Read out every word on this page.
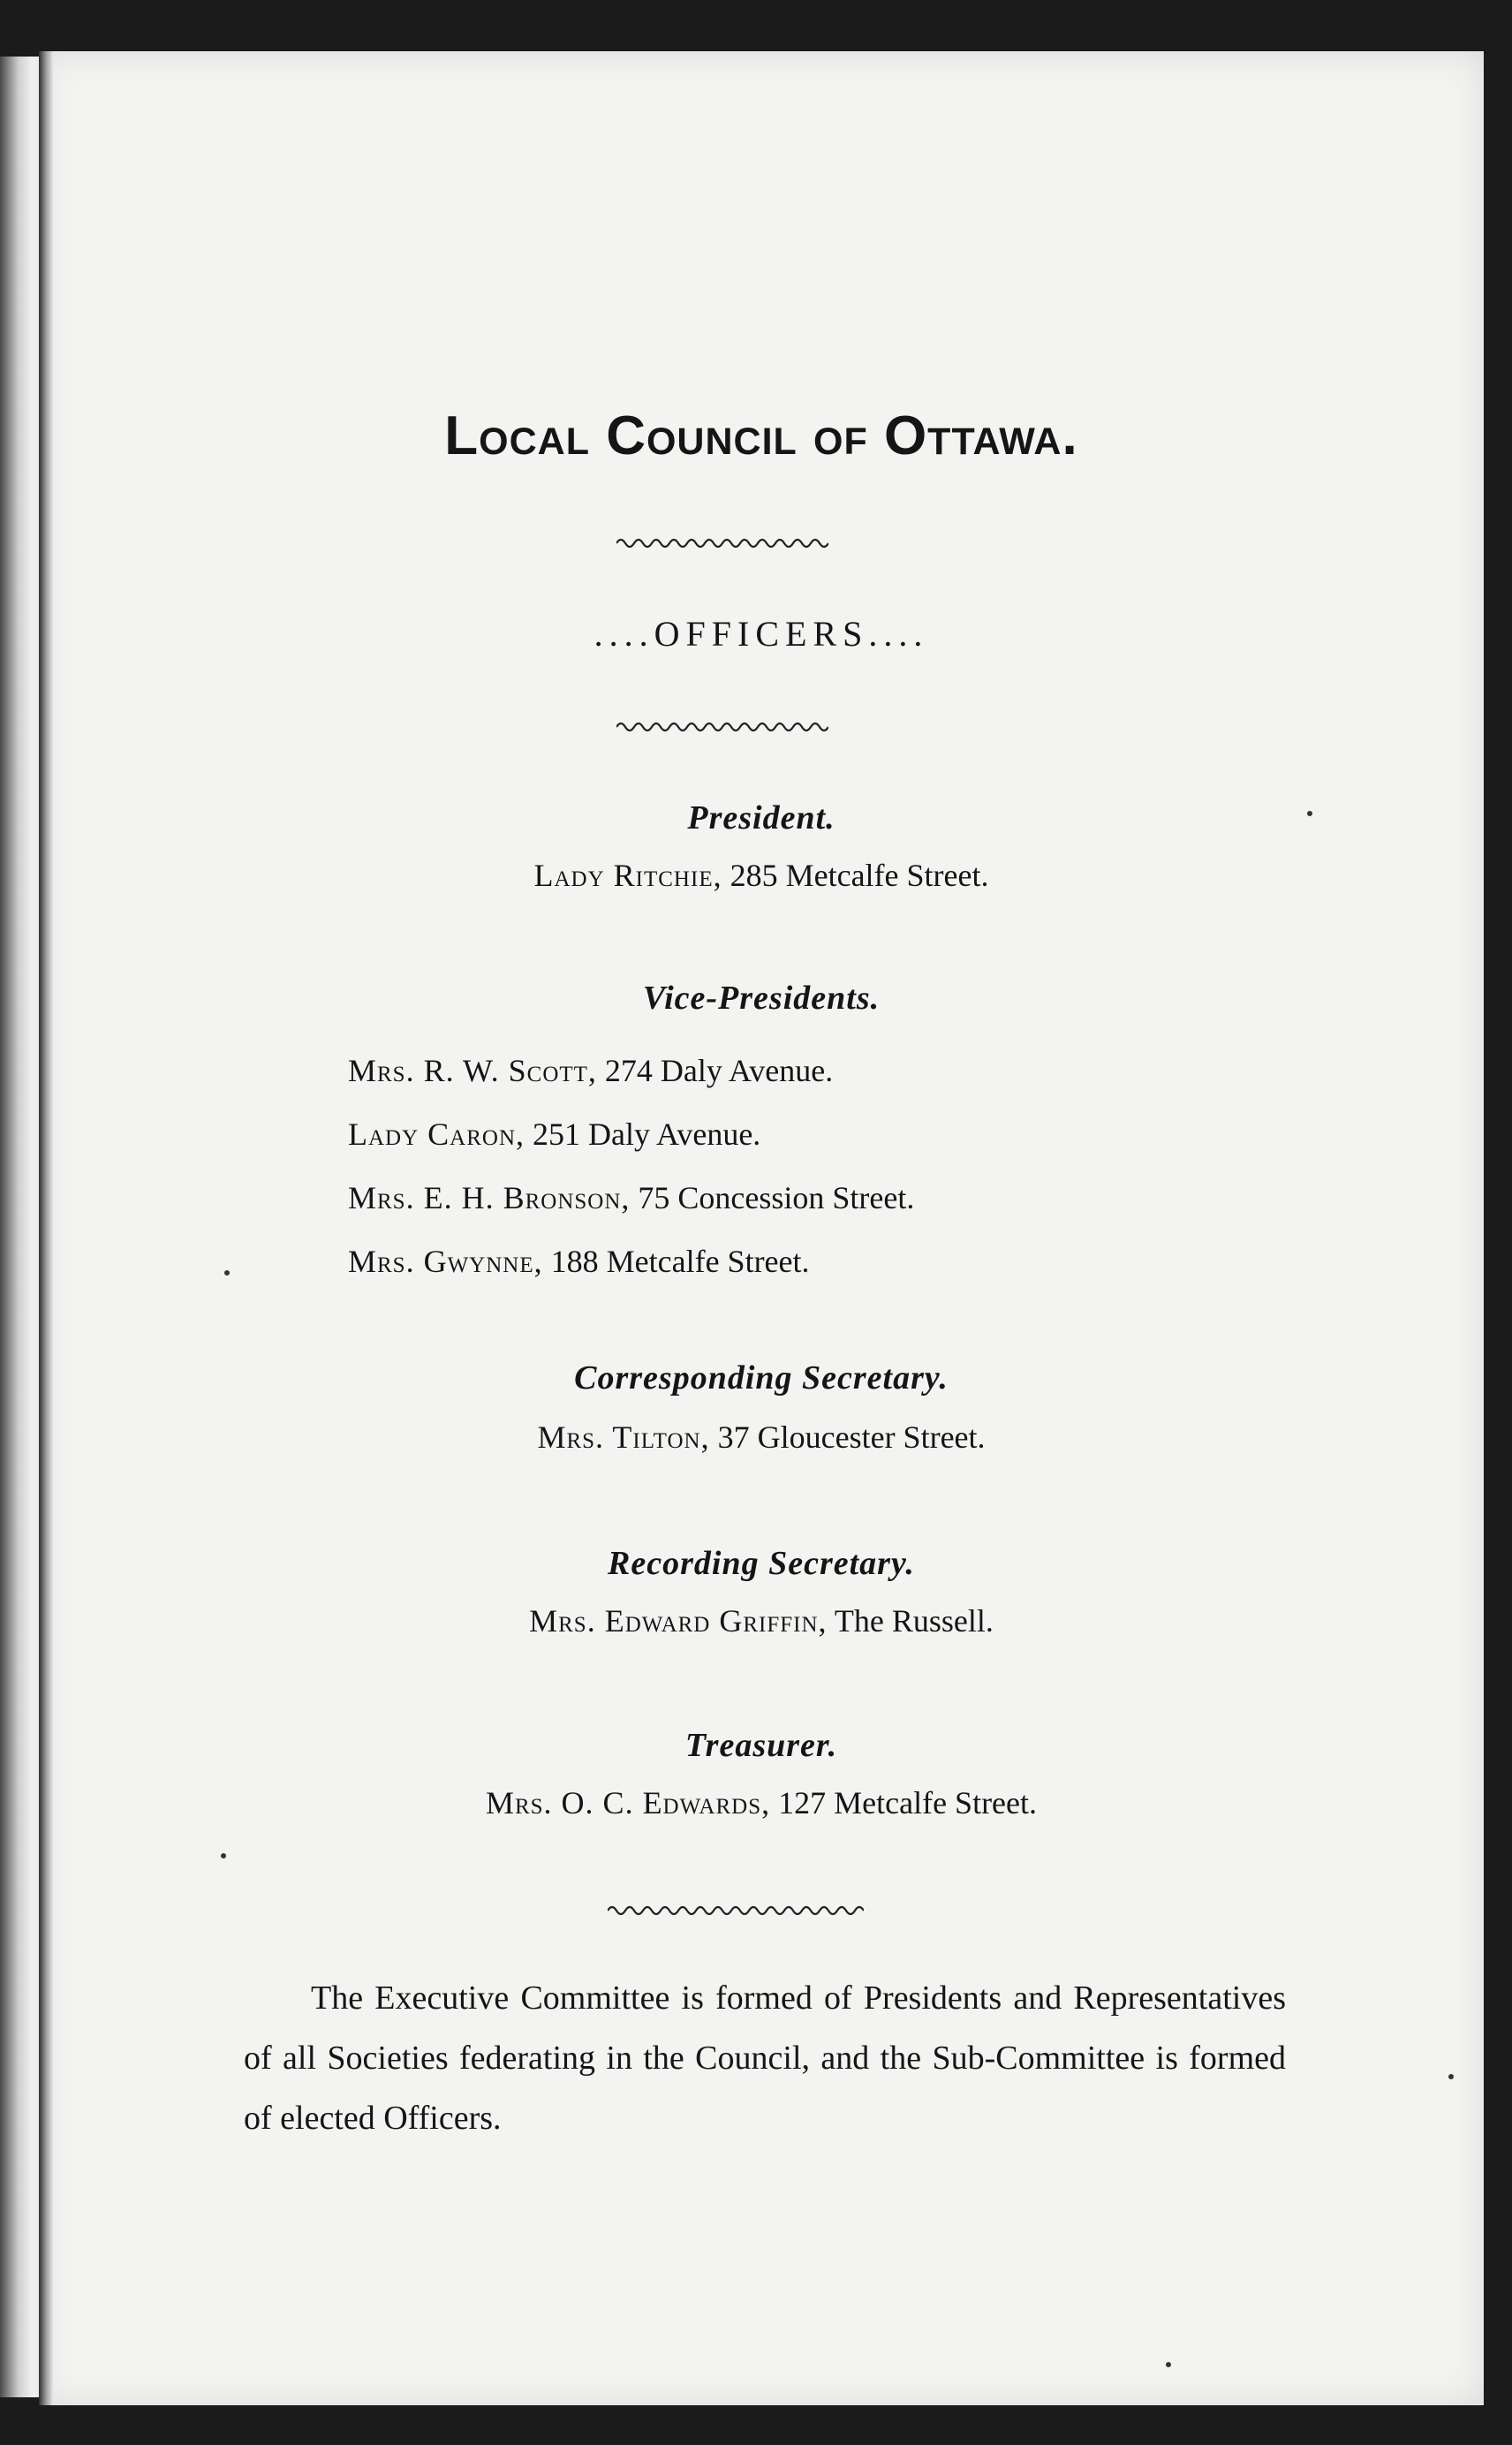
Local Council of Ottawa.
....OFFICERS....
President.
Lady Ritchie, 285 Metcalfe Street.
Vice-Presidents.
Mrs. R. W. Scott, 274 Daly Avenue.
Lady Caron, 251 Daly Avenue.
Mrs. E. H. Bronson, 75 Concession Street.
Mrs. Gwynne, 188 Metcalfe Street.
Corresponding Secretary.
Mrs. Tilton, 37 Gloucester Street.
Recording Secretary.
Mrs. Edward Griffin, The Russell.
Treasurer.
Mrs. O. C. Edwards, 127 Metcalfe Street.

The Executive Committee is formed of Presidents and Representatives of all Societies federating in the Council, and the Sub-Committee is formed of elected Officers.
